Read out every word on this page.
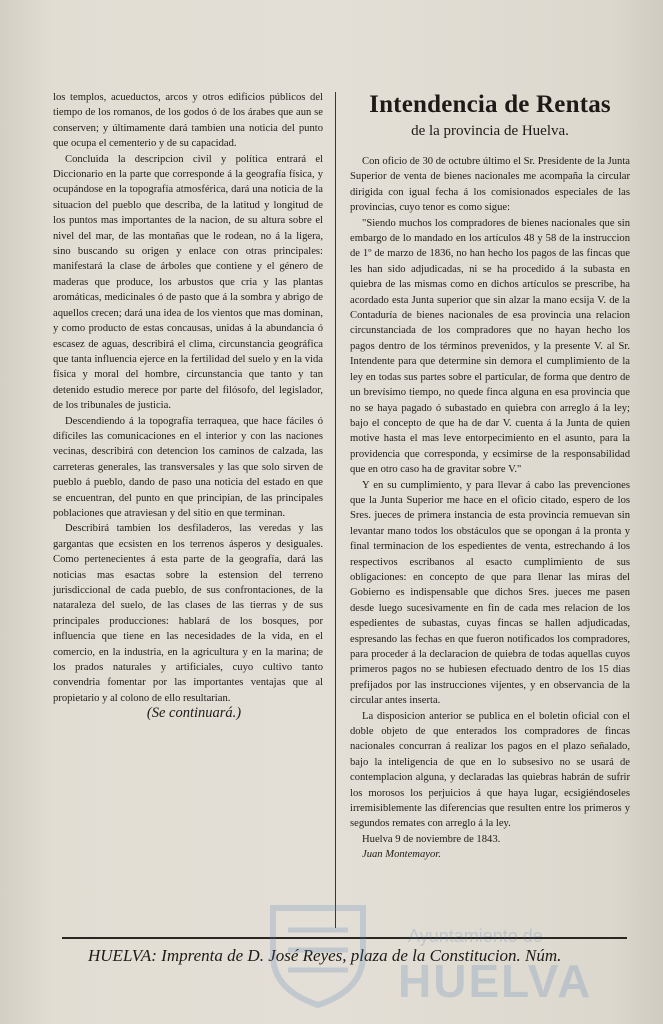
los templos, acueductos, arcos y otros edificios públicos del tiempo de los romanos, de los godos ó de los árabes que aun se conserven; y últimamente dará tambien una noticia del punto que ocupa el cementerio y de su capacidad.

Concluida la descripcion civil y política entrará el Diccionario en la parte que corresponde á la geografía física, y ocupándose en la topografía atmosférica, dará una noticia de la situacion del pueblo que describa, de la latitud y longitud de los puntos mas importantes de la nacion, de su altura sobre el nivel del mar, de las montañas que le rodean, no á la ligera, sino buscando su origen y enlace con otras principales: manifestará la clase de árboles que contiene y el género de maderas que produce, los arbustos que cria y las plantas aromáticas, medicinales ó de pasto que á la sombra y abrigo de aquellos crecen; dará una idea de los vientos que mas dominan, y como producto de estas concausas, unidas á la abundancia ó escasez de aguas, describirá el clima, circunstancia geográfica que tanta influencia ejerce en la fertilidad del suelo y en la vida física y moral del hombre, circunstancia que tanto y tan detenido estudio merece por parte del filósofo, del legislador, de los tribunales de justicia.

Descendiendo á la topografía terraquea, que hace fáciles ó difíciles las comunicaciones en el interior y con las naciones vecinas, describirá con detencion los caminos de calzada, las carreteras generales, las transversales y las que solo sirven de pueblo á pueblo, dando de paso una noticia del estado en que se encuentran, del punto en que principian, de las principales poblaciones que atraviesan y del sitio en que terminan.

Describirá tambien los desfiladeros, las veredas y las gargantas que ecsisten en los terrenos ásperos y desiguales. Como pertenecientes á esta parte de la geografía, dará las noticias mas esactas sobre la estension del terreno jurisdiccional de cada pueblo, de sus confrontaciones, de la nataraleza del suelo, de las clases de las tierras y de sus principales producciones: hablará de los bosques, por influencia que tiene en las necesidades de la vida, en el comercio, en la industria, en la agricultura y en la marina; de los prados naturales y artificiales, cuyo cultivo tanto convendria fomentar por las importantes ventajas que al propietario y al colono de ello resultarian.

(Se continuará.)

Intendencia de Rentas
de la provincia de Huelva.

Con oficio de 30 de octubre último el Sr. Presidente de la Junta Superior de venta de bienes nacionales me acompaña la circular dirigida con igual fecha á los comisionados especiales de las provincias, cuyo tenor es como sigue:

"Siendo muchos los compradores de bienes nacionales que sin embargo de lo mandado en los artículos 48 y 58 de la instruccion de 1º de marzo de 1836, no han hecho los pagos de las fincas que les han sido adjudicadas, ni se ha procedido á la subasta en quiebra de las mismas como en dichos artículos se prescribe, ha acordado esta Junta superior que sin alzar la mano ecsija V. de la Contaduría de bienes nacionales de esa provincia una relacion circunstanciada de los compradores que no hayan hecho los pagos dentro de los términos prevenidos, y la presente V. al Sr. Intendente para que determine sin demora el cumplimiento de la ley en todas sus partes sobre el particular, de forma que dentro de un brevísimo tiempo, no quede finca alguna en esa provincia que no se haya pagado ó subastado en quiebra con arreglo á la ley; bajo el concepto de que ha de dar V. cuenta á la Junta de quien motive hasta el mas leve entorpecimiento en el asunto, para la providencia que corresponda, y ecsimirse de la responsabilidad que en otro caso ha de gravitar sobre V."

Y en su cumplimiento, y para llevar á cabo las prevenciones que la Junta Superior me hace en el oficio citado, espero de los Sres. jueces de primera instancia de esta provincia remuevan sin levantar mano todos los obstáculos que se opongan á la pronta y final terminacion de los espedientes de venta, estrechando á los respectivos escribanos al esacto cumplimiento de sus obligaciones: en concepto de que para llenar las miras del Gobierno es indispensable que dichos Sres. jueces me pasen desde luego sucesivamente en fin de cada mes relacion de los espedientes de subastas, cuyas fincas se hallen adjudicadas, espresando las fechas en que fueron notificados los compradores, para proceder á la declaracion de quiebra de todas aquellas cuyos primeros pagos no se hubiesen efectuado dentro de los 15 dias prefijados por las instrucciones vijentes, y en observancia de la circular antes inserta.

La disposicion anterior se publica en el boletin oficial con el doble objeto de que enterados los compradores de fincas nacionales concurran á realizar los pagos en el plazo señalado, bajo la inteligencia de que en lo subsesivo no se usará de contemplacion alguna, y declaradas las quiebras habrán de sufrir los morosos los perjuicios á que haya lugar, ecsigiéndoseles irremisiblemente las diferencias que resulten entre los primeros y segundos remates con arreglo á la ley.

Huelva 9 de noviembre de 1843.

Juan Montemayor.

HUELVA: Imprenta de D. José Reyes, plaza de la Constitucion. Núm.
Ayuntamiento de
HUELVA
